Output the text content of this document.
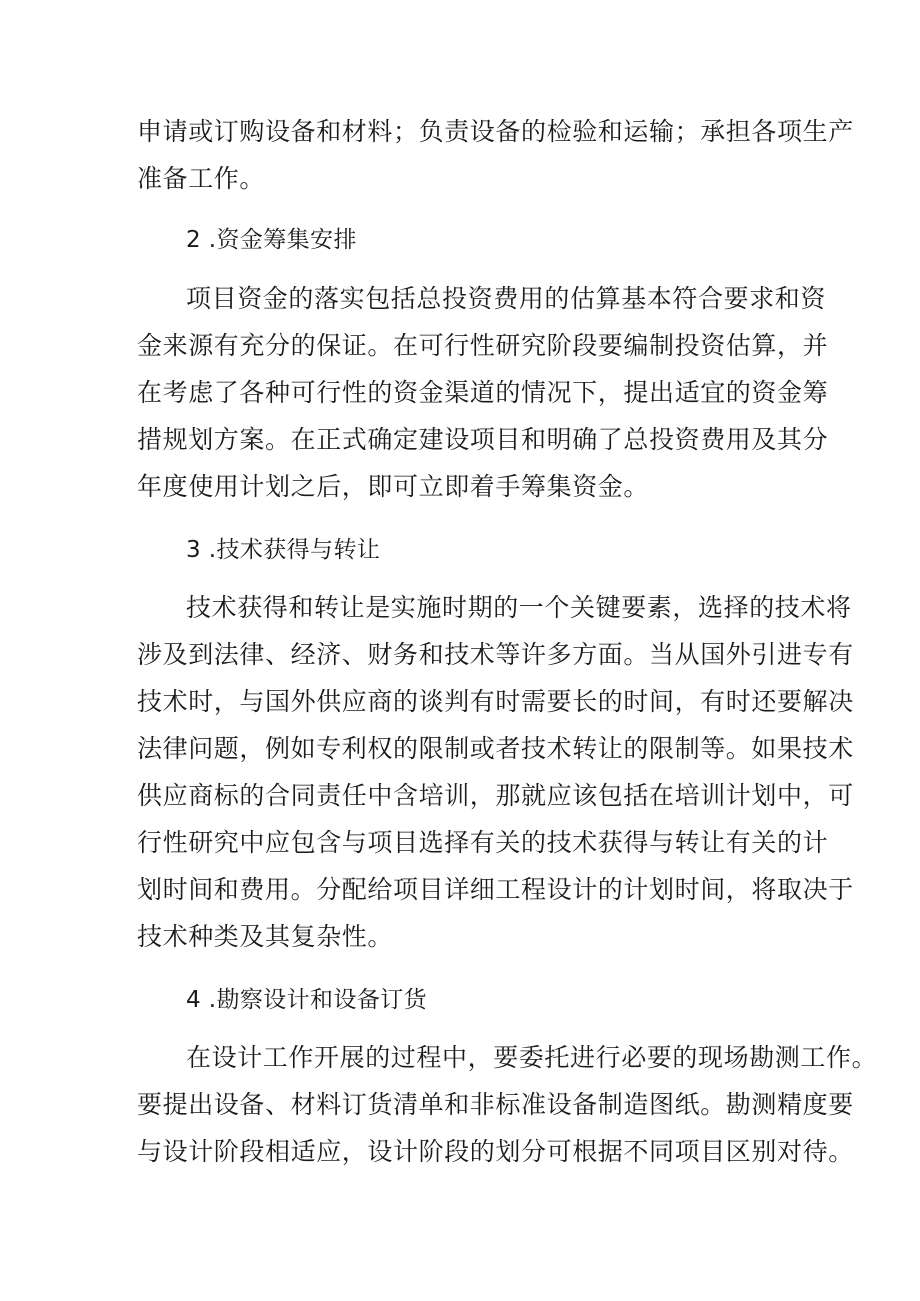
申请或订购设备和材料；负责设备的检验和运输；承担各项生产
准备工作。
2 .资金筹集安排
项目资金的落实包括总投资费用的估算基本符合要求和资
金来源有充分的保证。在可行性研究阶段要编制投资估算，并
在考虑了各种可行性的资金渠道的情况下，提出适宜的资金筹
措规划方案。在正式确定建设项目和明确了总投资费用及其分
年度使用计划之后，即可立即着手筹集资金。
3 .技术获得与转让
技术获得和转让是实施时期的一个关键要素，选择的技术将
涉及到法律、经济、财务和技术等许多方面。当从国外引进专有
技术时，与国外供应商的谈判有时需要长的时间，有时还要解决
法律问题，例如专利权的限制或者技术转让的限制等。如果技术
供应商标的合同责任中含培训，那就应该包括在培训计划中，可
行性研究中应包含与项目选择有关的技术获得与转让有关的计
划时间和费用。分配给项目详细工程设计的计划时间，将取决于
技术种类及其复杂性。
4 .勘察设计和设备订货
在设计工作开展的过程中，要委托进行必要的现场勘测工作。
要提出设备、材料订货清单和非标准设备制造图纸。勘测精度要
与设计阶段相适应，设计阶段的划分可根据不同项目区别对待。
